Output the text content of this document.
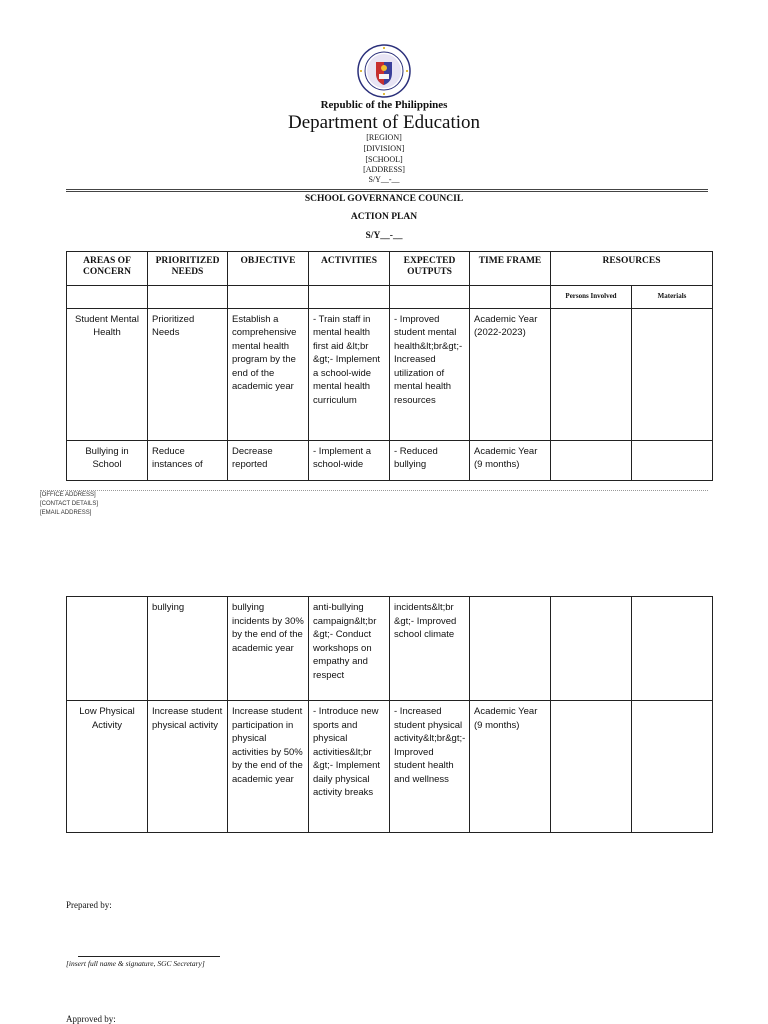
Republic of the Philippines
Department of Education
[REGION]
[DIVISION]
[SCHOOL]
[ADDRESS]
S/Y__-__
SCHOOL GOVERNANCE COUNCIL
ACTION PLAN
S/Y__-__
AREAS OF CONCERN	PRIORITIZED NEEDS	OBJECTIVE	ACTIVITIES	EXPECTED OUTPUTS	TIME FRAME	RESOURCES	
						Persons Involved	Materials
Student Mental Health	Prioritized Needs	Establish a comprehensive mental health program by the end of the academic year	- Train staff in mental health first aid &lt;br &gt;- Implement a school-wide mental health curriculum	- Improved student mental health&lt;br&gt;- Increased utilization of mental health resources	Academic Year (2022-2023)		
Bullying in School	Reduce instances of	Decrease reported	- Implement a school-wide	- Reduced bullying	Academic Year (9 months)		
[OFFICE ADDRESS]
[CONTACT DETAILS]
[EMAIL ADDRESS]
	bullying	bullying incidents by 30% by the end of the academic year	anti-bullying campaign&lt;br &gt;- Conduct workshops on empathy and respect	incidents&lt;br &gt;- Improved school climate			
Low Physical Activity	Increase student physical activity	Increase student participation in physical activities by 50% by the end of the academic year	- Introduce new sports and physical activities&lt;br &gt;- Implement daily physical activity breaks	- Increased student physical activity&lt;br&gt;- Improved student health and wellness	Academic Year (9 months)		
Prepared by:
[insert full name & signature, SGC Secretary]
Approved by:
